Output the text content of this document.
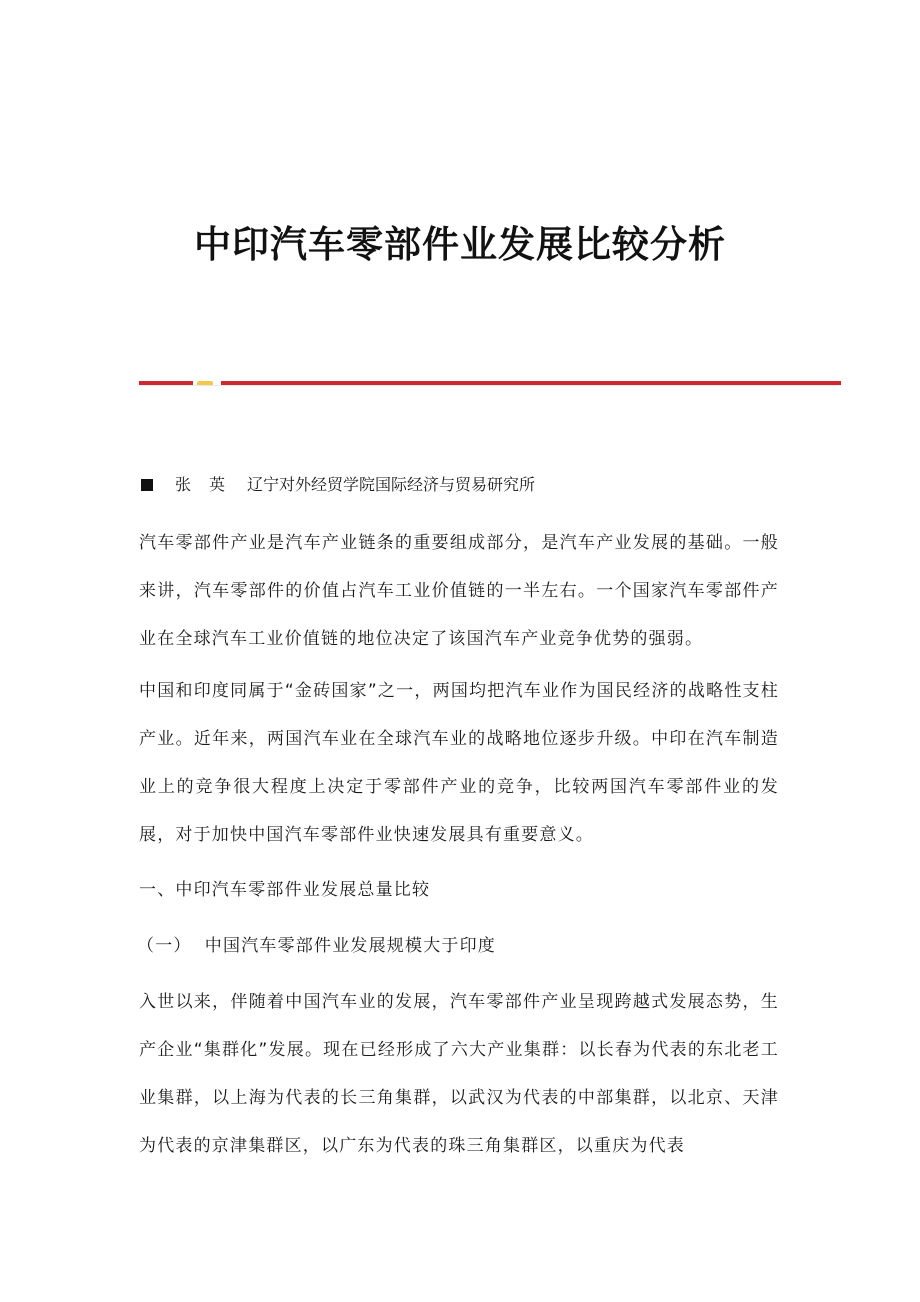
中印汽车零部件业发展比较分析
张英 辽宁对外经贸学院国际经济与贸易研究所
汽车零部件产业是汽车产业链条的重要组成部分，是汽车产业发展的基础。一般来讲，汽车零部件的价值占汽车工业价值链的一半左右。一个国家汽车零部件产业在全球汽车工业价值链的地位决定了该国汽车产业竞争优势的强弱。
中国和印度同属于“金砖国家”之一，两国均把汽车业作为国民经济的战略性支柱产业。近年来，两国汽车业在全球汽车业的战略地位逐步升级。中印在汽车制造业上的竞争很大程度上决定于零部件产业的竞争，比较两国汽车零部件业的发展，对于加快中国汽车零部件业快速发展具有重要意义。
一、中印汽车零部件业发展总量比较
（一）  中国汽车零部件业发展规模大于印度
入世以来，伴随着中国汽车业的发展，汽车零部件产业呈现跨越式发展态势，生产企业“集群化”发展。现在已经形成了六大产业集群：以长春为代表的东北老工业集群，以上海为代表的长三角集群，以武汉为代表的中部集群，以北京、天津为代表的京津集群区，以广东为代表的珠三角集群区，以重庆为代表
